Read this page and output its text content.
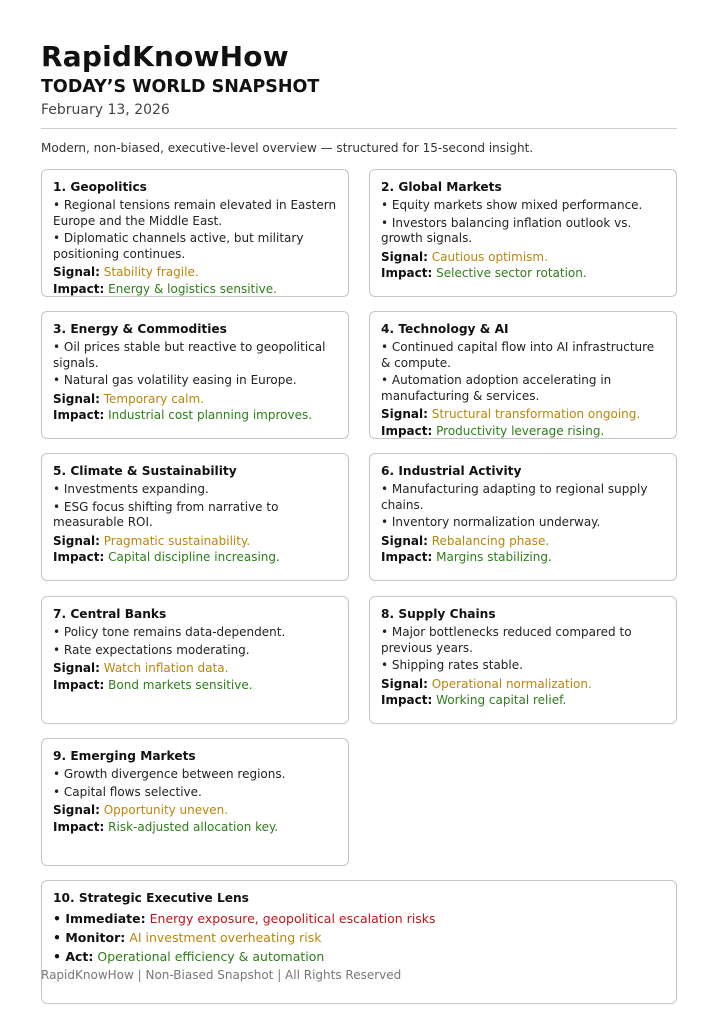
RapidKnowHow
TODAY’S WORLD SNAPSHOT
February 13, 2026
Modern, non-biased, executive-level overview — structured for 15-second insight.
1. Geopolitics
• Regional tensions remain elevated in Eastern Europe and the Middle East.
• Diplomatic channels active, but military positioning continues.
Signal: Stability fragile.
Impact: Energy & logistics sensitive.
2. Global Markets
• Equity markets show mixed performance.
• Investors balancing inflation outlook vs. growth signals.
Signal: Cautious optimism.
Impact: Selective sector rotation.
3. Energy & Commodities
• Oil prices stable but reactive to geopolitical signals.
• Natural gas volatility easing in Europe.
Signal: Temporary calm.
Impact: Industrial cost planning improves.
4. Technology & AI
• Continued capital flow into AI infrastructure & compute.
• Automation adoption accelerating in manufacturing & services.
Signal: Structural transformation ongoing.
Impact: Productivity leverage rising.
5. Climate & Sustainability
• Investments expanding.
• ESG focus shifting from narrative to measurable ROI.
Signal: Pragmatic sustainability.
Impact: Capital discipline increasing.
6. Industrial Activity
• Manufacturing adapting to regional supply chains.
• Inventory normalization underway.
Signal: Rebalancing phase.
Impact: Margins stabilizing.
7. Central Banks
• Policy tone remains data-dependent.
• Rate expectations moderating.
Signal: Watch inflation data.
Impact: Bond markets sensitive.
8. Supply Chains
• Major bottlenecks reduced compared to previous years.
• Shipping rates stable.
Signal: Operational normalization.
Impact: Working capital relief.
9. Emerging Markets
• Growth divergence between regions.
• Capital flows selective.
Signal: Opportunity uneven.
Impact: Risk-adjusted allocation key.
10. Strategic Executive Lens
• Immediate: Energy exposure, geopolitical escalation risks
• Monitor: AI investment overheating risk
• Act: Operational efficiency & automation
RapidKnowHow | Non-Biased Snapshot | All Rights Reserved
